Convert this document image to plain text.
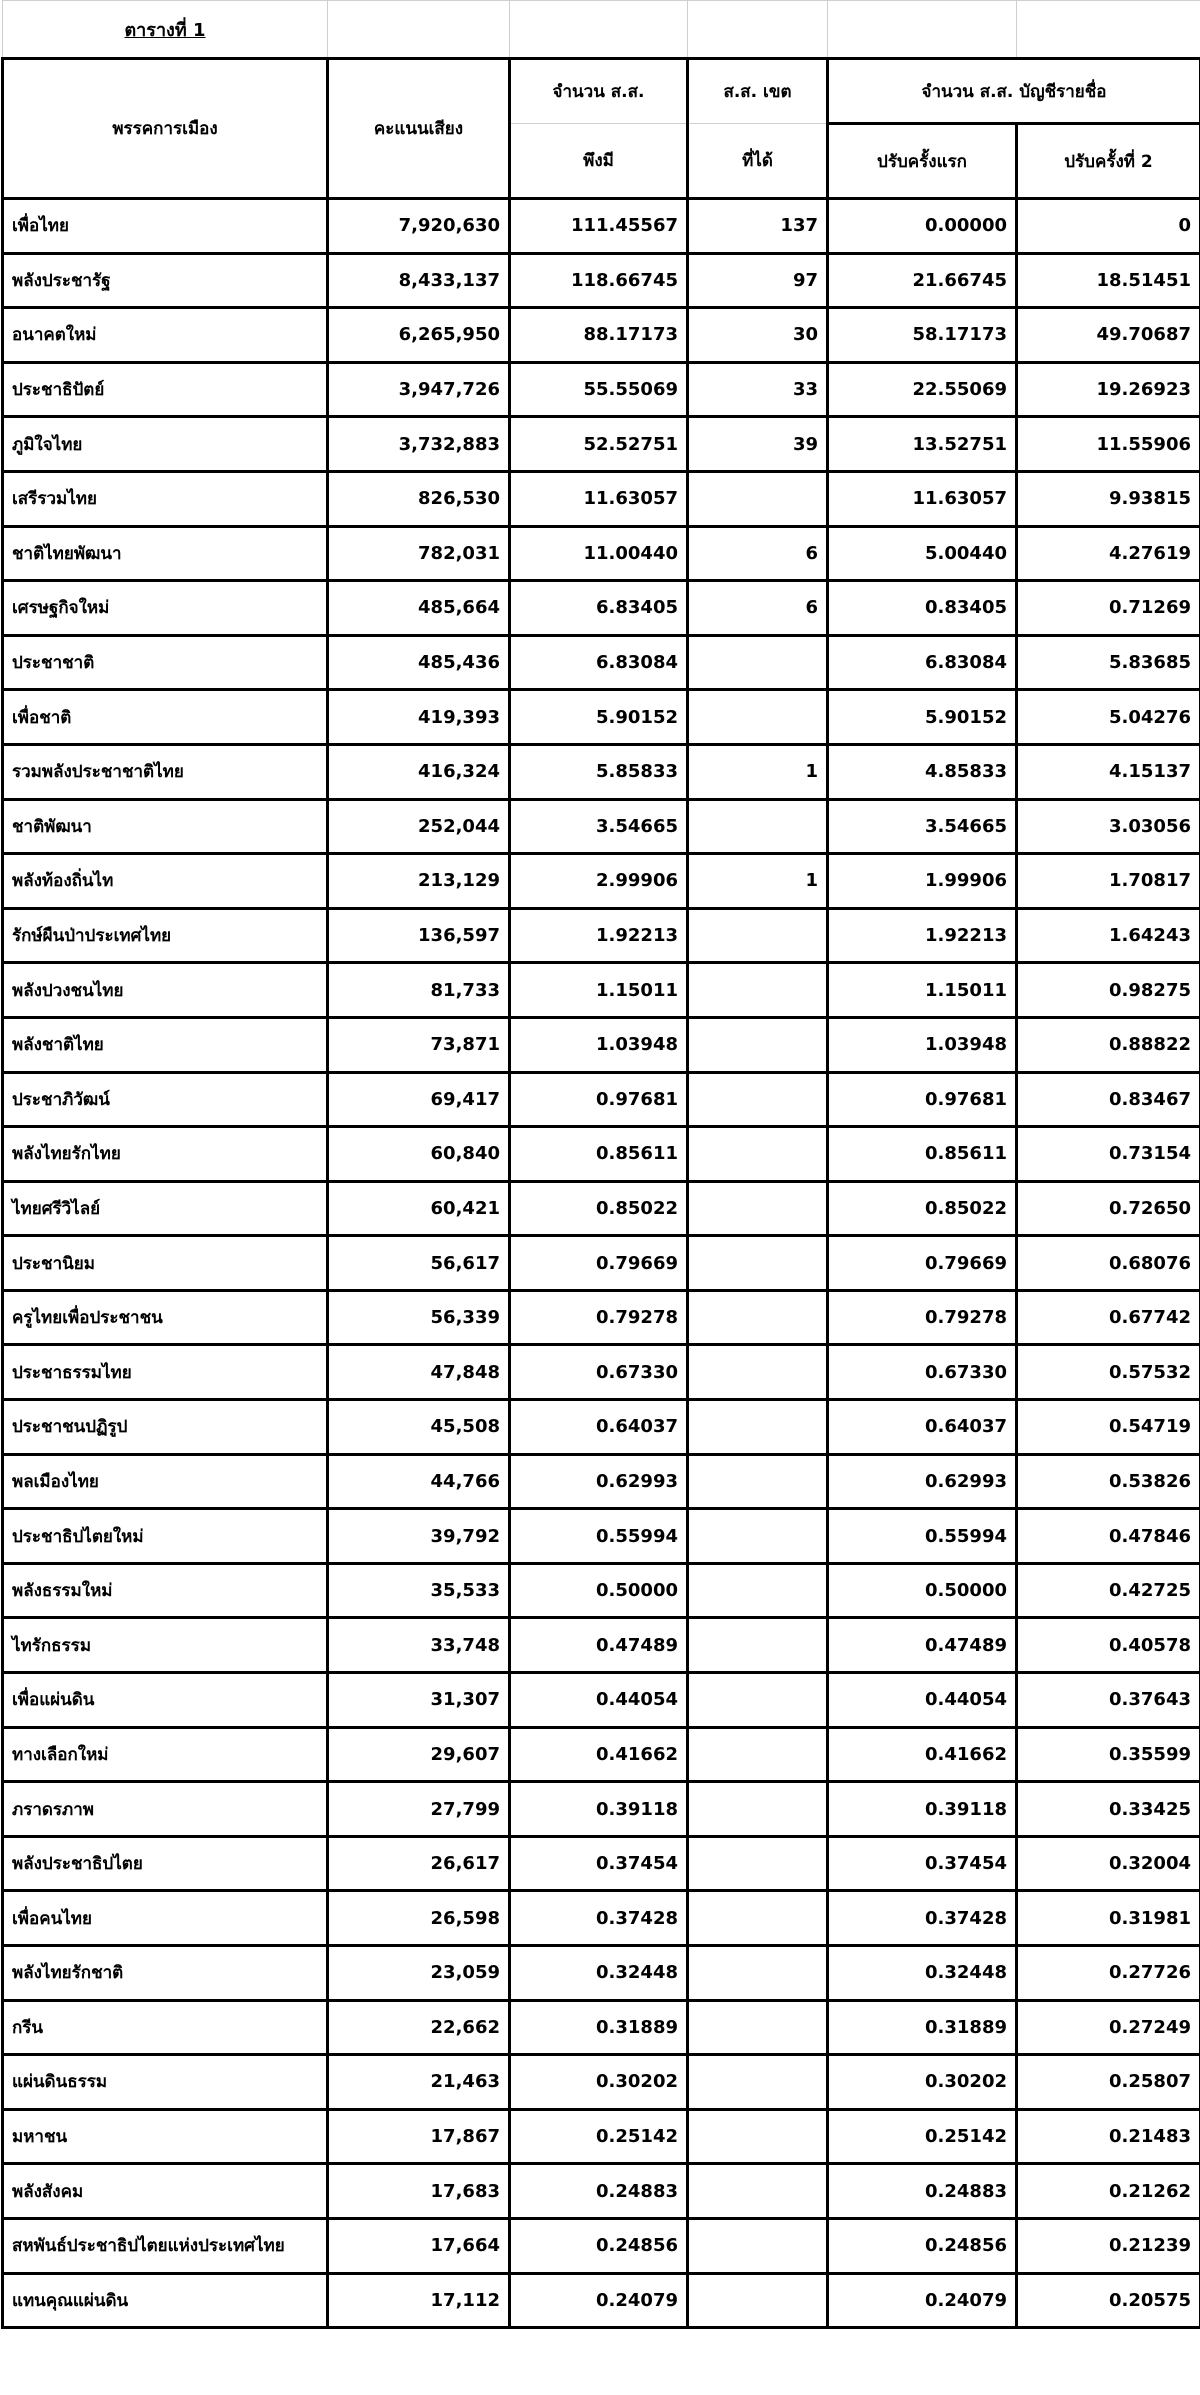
ตารางที่ 1					
พรรคการเมือง	คะแนนเสียง	จำนวน ส.ส.	ส.ส. เขต	จำนวน ส.ส. บัญชีรายชื่อ	
		พึงมี	ที่ได้	ปรับครั้งแรก	ปรับครั้งที่ 2
เพื่อไทย	7,920,630	111.45567	137	0.00000	0
พลังประชารัฐ	8,433,137	118.66745	97	21.66745	18.51451
อนาคตใหม่	6,265,950	88.17173	30	58.17173	49.70687
ประชาธิปัตย์	3,947,726	55.55069	33	22.55069	19.26923
ภูมิใจไทย	3,732,883	52.52751	39	13.52751	11.55906
เสรีรวมไทย	826,530	11.63057		11.63057	9.93815
ชาติไทยพัฒนา	782,031	11.00440	6	5.00440	4.27619
เศรษฐกิจใหม่	485,664	6.83405	6	0.83405	0.71269
ประชาชาติ	485,436	6.83084		6.83084	5.83685
เพื่อชาติ	419,393	5.90152		5.90152	5.04276
รวมพลังประชาชาติไทย	416,324	5.85833	1	4.85833	4.15137
ชาติพัฒนา	252,044	3.54665		3.54665	3.03056
พลังท้องถิ่นไท	213,129	2.99906	1	1.99906	1.70817
รักษ์ผืนป่าประเทศไทย	136,597	1.92213		1.92213	1.64243
พลังปวงชนไทย	81,733	1.15011		1.15011	0.98275
พลังชาติไทย	73,871	1.03948		1.03948	0.88822
ประชาภิวัฒน์	69,417	0.97681		0.97681	0.83467
พลังไทยรักไทย	60,840	0.85611		0.85611	0.73154
ไทยศรีวิไลย์	60,421	0.85022		0.85022	0.72650
ประชานิยม	56,617	0.79669		0.79669	0.68076
ครูไทยเพื่อประชาชน	56,339	0.79278		0.79278	0.67742
ประชาธรรมไทย	47,848	0.67330		0.67330	0.57532
ประชาชนปฏิรูป	45,508	0.64037		0.64037	0.54719
พลเมืองไทย	44,766	0.62993		0.62993	0.53826
ประชาธิปไตยใหม่	39,792	0.55994		0.55994	0.47846
พลังธรรมใหม่	35,533	0.50000		0.50000	0.42725
ไทรักธรรม	33,748	0.47489		0.47489	0.40578
เพื่อแผ่นดิน	31,307	0.44054		0.44054	0.37643
ทางเลือกใหม่	29,607	0.41662		0.41662	0.35599
ภราดรภาพ	27,799	0.39118		0.39118	0.33425
พลังประชาธิปไตย	26,617	0.37454		0.37454	0.32004
เพื่อคนไทย	26,598	0.37428		0.37428	0.31981
พลังไทยรักชาติ	23,059	0.32448		0.32448	0.27726
กรีน	22,662	0.31889		0.31889	0.27249
แผ่นดินธรรม	21,463	0.30202		0.30202	0.25807
มหาชน	17,867	0.25142		0.25142	0.21483
พลังสังคม	17,683	0.24883		0.24883	0.21262
สหพันธ์ประชาธิปไตยแห่งประเทศไทย	17,664	0.24856		0.24856	0.21239
แทนคุณแผ่นดิน	17,112	0.24079		0.24079	0.20575
